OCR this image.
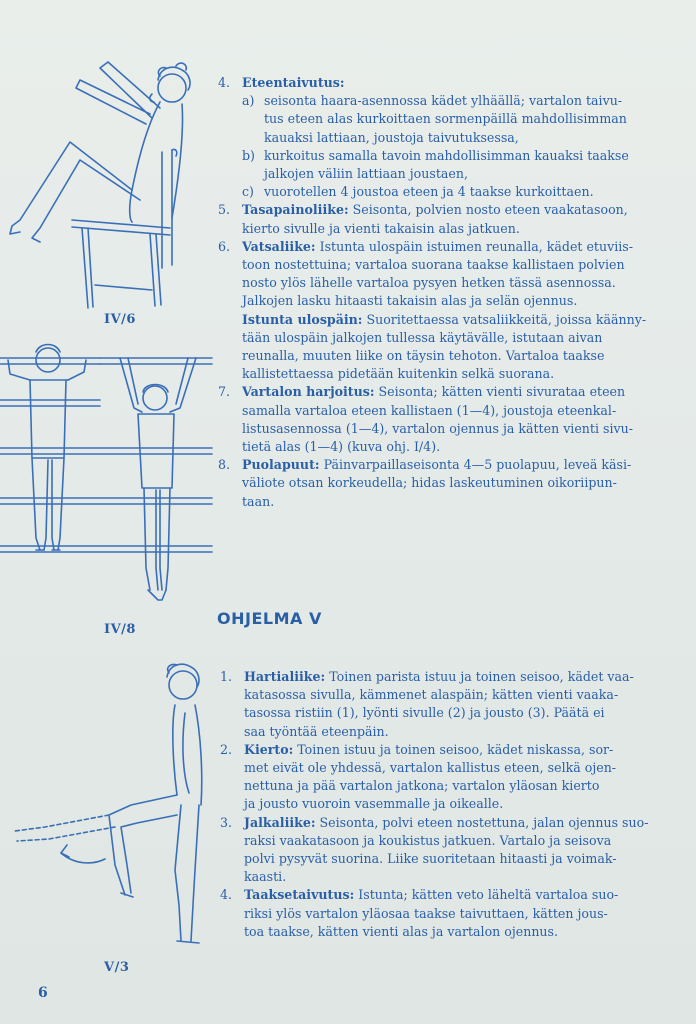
IV/6
IV/8
V/3
4. Eteentaivutus:
a) seisonta haara-asennossa kädet ylhäällä; vartalon taivu-
tus eteen alas kurkoittaen sormenpäillä mahdollisimman
kauaksi lattiaan, joustoja taivutuksessa,
b) kurkoitus samalla tavoin mahdollisimman kauaksi taakse
jalkojen väliin lattiaan joustaen,
c) vuorotellen 4 joustoa eteen ja 4 taakse kurkoittaen.
5. Tasapainoliike: Seisonta, polvien nosto eteen vaakatasoon,
kierto sivulle ja vienti takaisin alas jatkuen.
6. Vatsaliike: Istunta ulospäin istuimen reunalla, kädet etuviis-
toon nostettuina; vartaloa suorana taakse kallistaen polvien
nosto ylös lähelle vartaloa pysyen hetken tässä asennossa.
Jalkojen lasku hitaasti takaisin alas ja selän ojennus.
Istunta ulospäin: Suoritettaessa vatsaliikkeitä, joissa käänny-
tään ulospäin jalkojen tullessa käytävälle, istutaan aivan
reunalla, muuten liike on täysin tehoton. Vartaloa taakse
kallistettaessa pidetään kuitenkin selkä suorana.
7. Vartalon harjoitus: Seisonta; kätten vienti sivurataa eteen
samalla vartaloa eteen kallistaen (1—4), joustoja eteenkal-
listusasennossa (1—4), vartalon ojennus ja kätten vienti sivu-
tietä alas (1—4) (kuva ohj. I/4).
8. Puolapuut: Päinvarpaillaseisonta 4—5 puolapuu, leveä käsi-
väliote otsan korkeudella; hidas laskeutuminen oikoriipun-
taan.
OHJELMA V
1. Hartialiike: Toinen parista istuu ja toinen seisoo, kädet vaa-
katasossa sivulla, kämmenet alaspäin; kätten vienti vaaka-
tasossa ristiin (1), lyönti sivulle (2) ja jousto (3). Päätä ei
saa työntää eteenpäin.
2. Kierto: Toinen istuu ja toinen seisoo, kädet niskassa, sor-
met eivät ole yhdessä, vartalon kallistus eteen, selkä ojen-
nettuna ja pää vartalon jatkona; vartalon yläosan kierto
ja jousto vuoroin vasemmalle ja oikealle.
3. Jalkaliike: Seisonta, polvi eteen nostettuna, jalan ojennus suo-
raksi vaakatasoon ja koukistus jatkuen. Vartalo ja seisova
polvi pysyvät suorina. Liike suoritetaan hitaasti ja voimak-
kaasti.
4. Taaksetaivutus: Istunta; kätten veto läheltä vartaloa suo-
riksi ylös vartalon yläosaa taakse taivuttaen, kätten jous-
toa taakse, kätten vienti alas ja vartalon ojennus.
6
